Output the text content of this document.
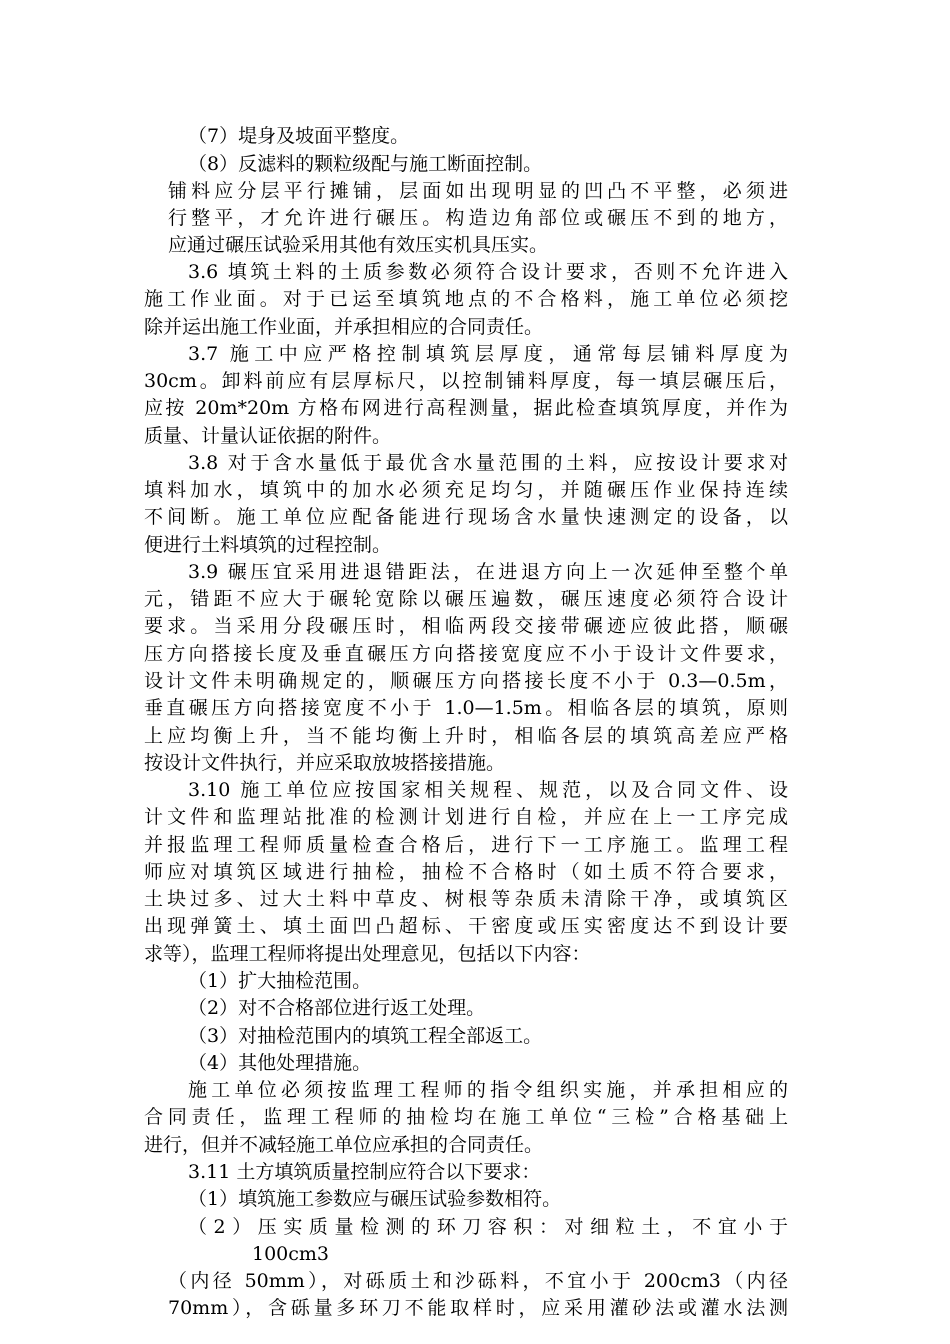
（7）堤身及坡面平整度。
（8）反滤料的颗粒级配与施工断面控制。
铺料应分层平行摊铺，层面如出现明显的凹凸不平整，必须进
行整平，才允许进行碾压。构造边角部位或碾压不到的地方，
应通过碾压试验采用其他有效压实机具压实。
3.6 填筑土料的土质参数必须符合设计要求，否则不允许进入
施工作业面。对于已运至填筑地点的不合格料，施工单位必须挖
除并运出施工作业面，并承担相应的合同责任。
3.7 施工中应严格控制填筑层厚度，通常每层铺料厚度为
30cm。卸料前应有层厚标尺，以控制铺料厚度，每一填层碾压后，
应按 20m*20m 方格布网进行高程测量，据此检查填筑厚度，并作为
质量、计量认证依据的附件。
3.8 对于含水量低于最优含水量范围的土料，应按设计要求对
填料加水，填筑中的加水必须充足均匀，并随碾压作业保持连续
不间断。施工单位应配备能进行现场含水量快速测定的设备，以
便进行土料填筑的过程控制。
3.9 碾压宜采用进退错距法，在进退方向上一次延伸至整个单
元，错距不应大于碾轮宽除以碾压遍数，碾压速度必须符合设计
要求。当采用分段碾压时，相临两段交接带碾迹应彼此搭，顺碾
压方向搭接长度及垂直碾压方向搭接宽度应不小于设计文件要求，
设计文件未明确规定的，顺碾压方向搭接长度不小于 0.3—0.5m，
垂直碾压方向搭接宽度不小于 1.0—1.5m。相临各层的填筑，原则
上应均衡上升，当不能均衡上升时，相临各层的填筑高差应严格
按设计文件执行，并应采取放坡搭接措施。
3.10 施工单位应按国家相关规程、规范，以及合同文件、设
计文件和监理站批准的检测计划进行自检，并应在上一工序完成
并报监理工程师质量检查合格后，进行下一工序施工。监理工程
师应对填筑区域进行抽检，抽检不合格时（如土质不符合要求，
土块过多、过大土料中草皮、树根等杂质未清除干净，或填筑区
出现弹簧土、填土面凹凸超标、干密度或压实密度达不到设计要
求等），监理工程师将提出处理意见，包括以下内容：
（1）扩大抽检范围。
（2）对不合格部位进行返工处理。
（3）对抽检范围内的填筑工程全部返工。
（4）其他处理措施。
施工单位必须按监理工程师的指令组织实施，并承担相应的
合同责任，监理工程师的抽检均在施工单位“三检”合格基础上
进行，但并不减轻施工单位应承担的合同责任。
3.11 土方填筑质量控制应符合以下要求：
（1）填筑施工参数应与碾压试验参数相符。
（2）压实质量检测的环刀容积：对细粒土，不宜小于
100cm3
（内径 50mm），对砾质土和沙砾料，不宜小于 200cm3（内径
70mm），含砾量多环刀不能取样时，应采用灌砂法或灌水法测
